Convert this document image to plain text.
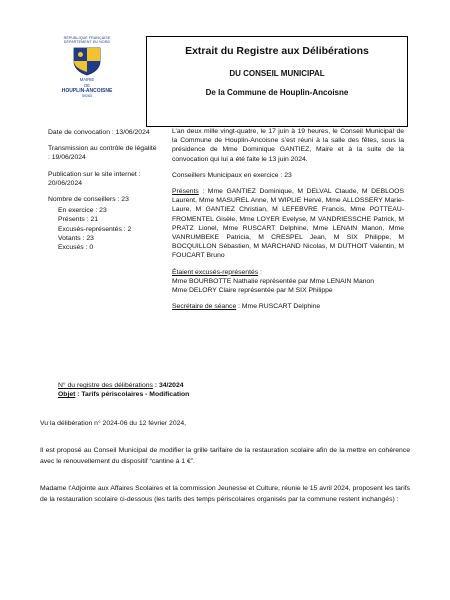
RÉPUBLIQUE FRANÇAISE
DÉPARTEMENT DU NORD
MAIRIE
DE
HOUPLIN-ANCOISNE
59263
Extrait du Registre aux Délibérations
DU CONSEIL MUNICIPAL
De la Commune de Houplin-Ancoisne
Date de convocation : 13/06/2024
Transmission au contrôle de légalité : 19/06/2024
Publication sur le site internet : 20/06/2024
Nombre de conseillers : 23
En exercice : 23
Présents : 21
Excusés-représentés : 2
Votants : 23
Excusés : 0

L’an deux mille vingt-quatre, le 17 juin à 19 heures, le Conseil Municipal de la Commune de Houplin-Ancoisne s’est réuni à la salle des fêtes, sous la présidence de Mme Dominique GANTIEZ, Maire et à la suite de la convocation qui lui a été faite le 13 juin 2024.

Conseillers Municipaux en exercice : 23

Présents : Mme GANTIEZ Dominique, M DELVAL Claude, M DEBLOOS Laurent, Mme MASUREL Anne, M WIPLIE Hervé, Mme ALLOSSERY Marie-Laure, M GANTIEZ Christian, M LEFEBVRE Francis, Mme POTTEAU-FROMENTEL Gisèle, Mme LOYER Evelyse, M VANDRIESSCHE Patrick, M PRATZ Lionel, Mme RUSCART Delphine, Mme LENAIN Manon, Mme VANRUMBEKE Patricia, M CRESPEL Jean, M SIX Philippe, M BOCQUILLON Sébastien, M MARCHAND Nicolas, M DUTHOIT Valentin, M FOUCART Bruno

Étaient excusés-représentés :
Mme BOURBOTTE Nathalie représentée par Mme LENAIN Manon
Mme DELORY Claire représentée par M SIX Philippe

Secrétaire de séance : Mme RUSCART Delphine

N° du registre des délibérations : 34/2024
Objet : Tarifs périscolaires - Modification
Vu la délibération n° 2024-06 du 12 février 2024,
Il est proposé au Conseil Municipal de modifier la grille tarifaire de la restauration scolaire afin de la mettre en cohérence avec le renouvellement du dispositif “cantine à 1 €”.
Madame l’Adjointe aux Affaires Scolaires et la commission Jeunesse et Culture, réunie le 15 avril 2024, proposent les tarifs de la restauration scolaire ci-dessous (les tarifs des temps périscolaires organisés par la commune restent inchangés) :
